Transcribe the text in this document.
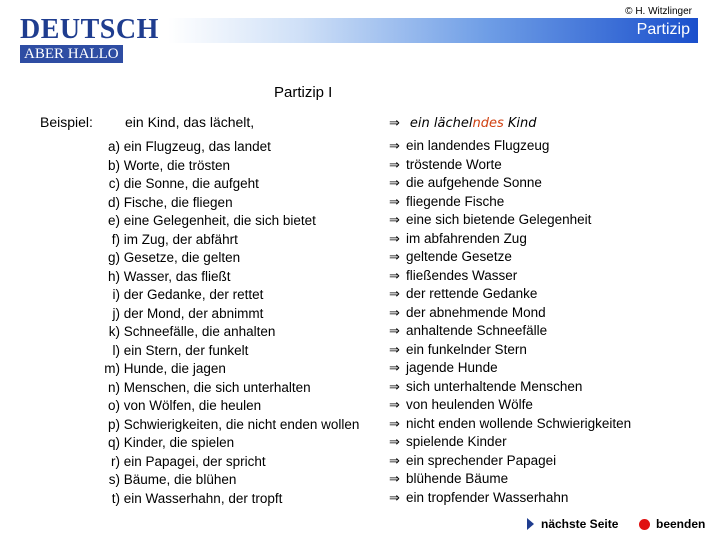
© H. Witzlinger
DEUTSCH
ABER HALLO
Partizip
Partizip I
Beispiel: ein Kind, das lächelt,	⇒ ein lächelndes Kind
a) ein Flugzeug, das landet
b) Worte, die trösten
c) die Sonne, die aufgeht
d) Fische, die fliegen
e) eine Gelegenheit, die sich bietet
f) im Zug, der abfährt
g) Gesetze, die gelten
h) Wasser, das fließt
i) der Gedanke, der rettet
j) der Mond, der abnimmt
k) Schneefälle, die anhalten
l) ein Stern, der funkelt
m) Hunde, die jagen
n) Menschen, die sich unterhalten
o) von Wölfen, die heulen
p) Schwierigkeiten, die nicht enden wollen
q) Kinder, die spielen
r) ein Papagei, der spricht
s) Bäume, die blühen
t) ein Wasserhahn, der tropft
⇒ ein landendes Flugzeug
⇒ tröstende Worte
⇒ die aufgehende Sonne
⇒ fliegende Fische
⇒ eine sich bietende Gelegenheit
⇒ im abfahrenden Zug
⇒ geltende Gesetze
⇒ fließendes Wasser
⇒ der rettende Gedanke
⇒ der abnehmende Mond
⇒ anhaltende Schneefälle
⇒ ein funkelnder Stern
⇒ jagende Hunde
⇒ sich unterhaltende Menschen
⇒ von heulenden Wölfe
⇒ nicht enden wollende Schwierigkeiten
⇒ spielende Kinder
⇒ ein sprechender Papagei
⇒ blühende Bäume
⇒ ein tropfender Wasserhahn
nächste Seite	beenden
